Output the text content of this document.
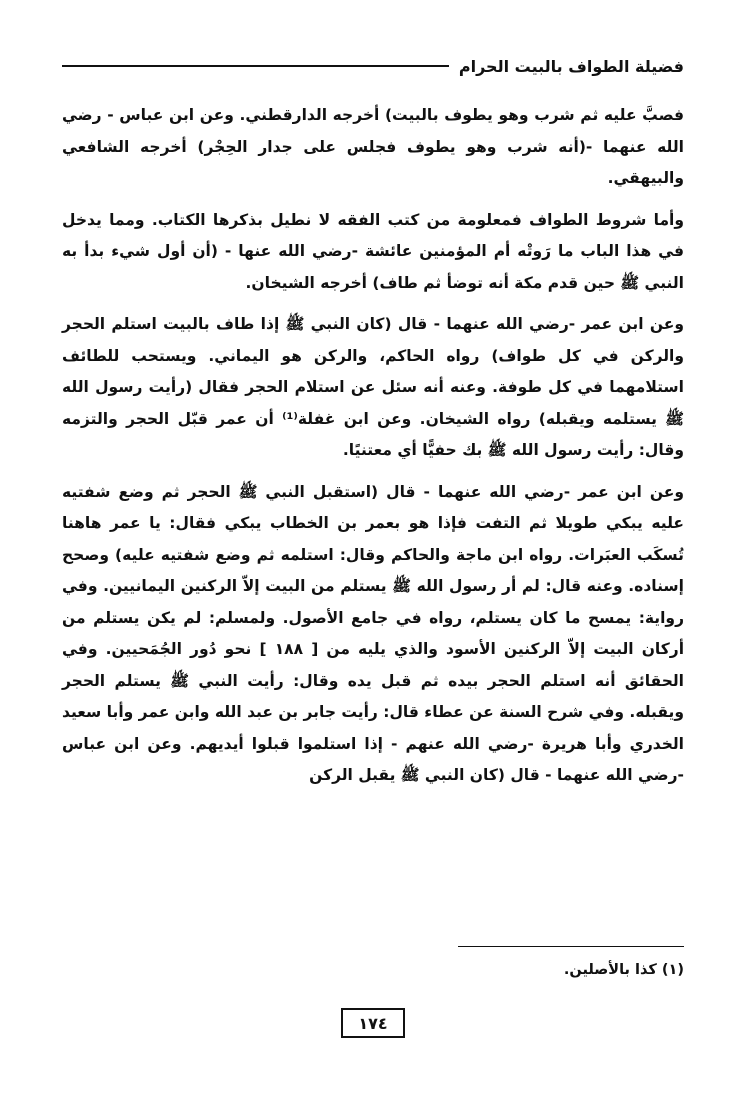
فضيلة الطواف بالبيت الحرام

فصبَّ عليه ثم شرب وهو يطوف بالبيت) أخرجه الدارقطني. وعن ابن عباس - رضي الله عنهما -(أنه شرب وهو يطوف فجلس على جدار الحِجْر) أخرجه الشافعي والبيهقي.

وأما شروط الطواف فمعلومة من كتب الفقه لا نطيل بذكرها الكتاب. ومما يدخل في هذا الباب ما رَوتْه أم المؤمنين عائشة -رضي الله عنها - (أن أول شيء بدأ به النبي ﷺ حين قدم مكة أنه توضأ ثم طاف) أخرجه الشيخان.

وعن ابن عمر -رضي الله عنهما - قال (كان النبي ﷺ إذا طاف بالبيت استلم الحجر والركن في كل طواف) رواه الحاكم، والركن هو اليماني. ويستحب للطائف استلامهما في كل طوفة. وعنه أنه سئل عن استلام الحجر فقال (رأيت رسول الله ﷺ يستلمه ويقبله) رواه الشيخان. وعن ابن غفلة⁽¹⁾ أن عمر قبّل الحجر والتزمه وقال: رأيت رسول الله ﷺ بك حفيًّا أي معتنيًا.

وعن ابن عمر -رضي الله عنهما - قال (استقبل النبي ﷺ الحجر ثم وضع شفتيه عليه يبكي طويلا ثم التفت فإذا هو بعمر بن الخطاب يبكي فقال: يا عمر هاهنا تُسكَب العبَرات. رواه ابن ماجة والحاكم وقال: استلمه ثم وضع شفتيه عليه) وصحح إسناده. وعنه قال: لم أر رسول الله ﷺ يستلم من البيت إلاّ الركنين اليمانيين. وفي رواية: يمسح ما كان يستلم، رواه في جامع الأصول. ولمسلم: لم يكن يستلم من أركان البيت إلاّ الركنين الأسود والذي يليه من [ ١٨٨ ] نحو دُور الجُمَحيين. وفي الحقائق أنه استلم الحجر بيده ثم قبل يده وقال: رأيت النبي ﷺ يستلم الحجر ويقبله. وفي شرح السنة عن عطاء قال: رأيت جابر بن عبد الله وابن عمر وأبا سعيد الخدري وأبا هريرة -رضي الله عنهم - إذا استلموا قبلوا أيديهم. وعن ابن عباس -رضي الله عنهما - قال (كان النبي ﷺ يقبل الركن

(١) كذا بالأصلين.
١٧٤
